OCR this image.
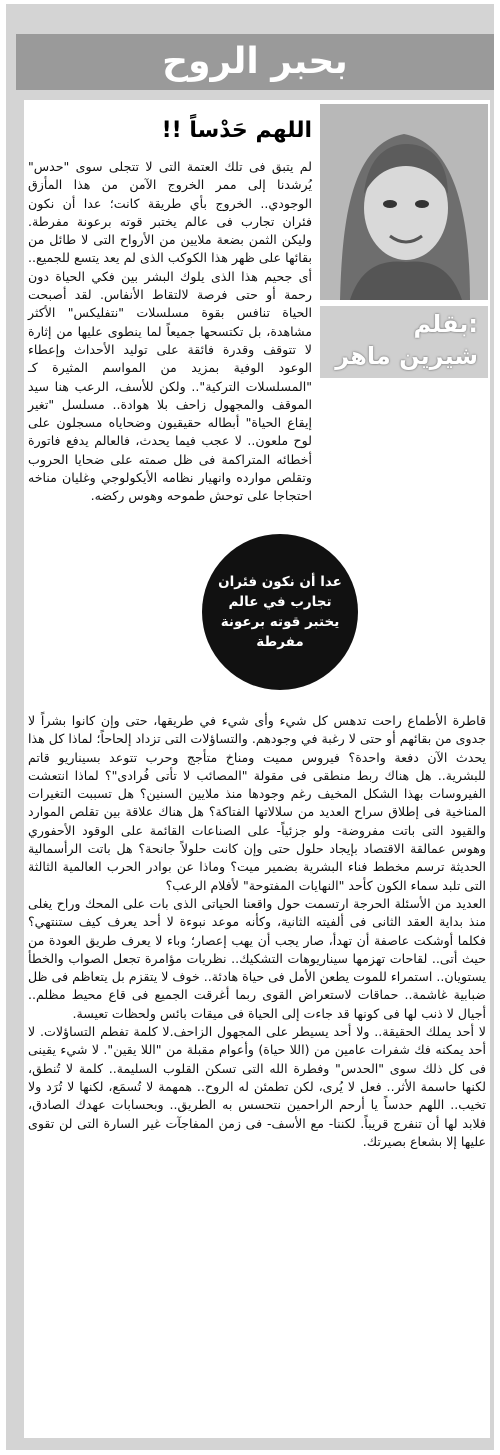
بحبر الروح
بقلم:
شيرين ماهر
اللهم حَدْساً !!

لم يتبق فى تلك العتمة التى لا تتجلى سوى "حدس" يُرشدنا إلى ممر الخروج الآمن من هذا المأزق الوجودي.. الخروج بأي طريقة كانت؛ عدا أن نكون فئران تجارب فى عالم يختبر قوته برعونة مفرطة. وليكن الثمن بضعة ملايين من الأرواح التى لا طائل من بقائها على ظهر هذا الكوكب الذى لم يعد يتسع للجميع.. أى جحيم هذا الذى يلوك البشر بين فكي الحياة دون رحمة أو حتى فرصة لالتقاط الأنفاس. لقد أصبحت الحياة تنافس بقوة مسلسلات "نتفليكس" الأكثر مشاهدة، بل تكتسحها جميعاً لما ينطوى عليها من إثارة لا تتوقف وقدرة فائقة على توليد الأحداث وإعطاء الوعود الوفية بمزيد من المواسم المثيرة كـ "المسلسلات التركية".. ولكن للأسف، الرعب هنا سيد الموقف والمجهول زاحف بلا هوادة.. مسلسل "تغير إيقاع الحياة" أبطاله حقيقيون وضحاياه مسجلون على لوح ملعون.. لا عجب فيما يحدث، فالعالم يدفع فاتورة أخطائه المتراكمة فى ظل صمته على ضحايا الحروب وتقلص موارده وانهيار نظامه الأيكولوجي وغليان مناخه احتجاجا على توحش طموحه وهوس ركضه.

قاطرة الأطماع راحت تدهس كل شيء وأى شيء في طريقها، حتى وإن كانوا بشراً لا جدوى من بقائهم أو حتى لا رغبة في وجودهم. والتساؤلات التى تزداد إلحاحاً؛ لماذا كل هذا يحدث الآن دفعة واحدة؟ فيروس مميت ومناخ متأجج وحرب تتوعد بسيناريو قاتم للبشرية.. هل هناك ربط منطقى فى مقولة "المصائب لا تأتى فُرادى"؟ لماذا انتعشت الفيروسات بهذا الشكل المخيف رغم وجودها منذ ملايين السنين؟ هل تسببت التغيرات المناخية فى إطلاق سراح العديد من سلالاتها الفتاكة؟ هل هناك علاقة بين تقلص الموارد والقيود التى باتت مفروضة- ولو جزئياً- على الصناعات القائمة على الوقود الأحفوري وهوس عمالقة الاقتصاد بإيجاد حلول حتى وإن كانت حلولاً جانحة؟ هل باتت الرأسمالية الحديثة ترسم مخطط فناء البشرية بضمير ميت؟ وماذا عن بوادر الحرب العالمية الثالثة التى تلبد سماء الكون كأحد "النهايات المفتوحة" لأفلام الرعب؟

العديد من الأسئلة الحرجة ارتسمت حول واقعنا الحياتى الذى بات على المحك وراح يغلى منذ بداية العقد الثانى فى ألفيته الثانية، وكأنه موعد نبوءة لا أحد يعرف كيف ستنتهي؟ فكلما أوشكت عاصفة أن تهدأ، صار يجب أن يهب إعصار؛ وباء لا يعرف طريق العودة من حيث أتى.. لقاحات تهزمها سيناريوهات التشكيك.. نظريات مؤامرة تجعل الصواب والخطأ يستويان.. استمراء للموت يطعن الأمل فى حياة هادئة.. خوف لا يتقزم بل يتعاظم فى ظل ضبابية غاشمة.. حماقات لاستعراض القوى ربما أغرقت الجميع فى قاع محيط مظلم.. أجيال لا ذنب لها فى كونها قد جاءت إلى الحياة فى ميقات بائس ولحظات تعيسة.

لا أحد يملك الحقيقة.. ولا أحد يسيطر على المجهول الزاحف.لا كلمة تفطم التساؤلات. لا أحد يمكنه فك شفرات عامين من (اللا حياة) وأعوام مقبلة من "اللا يقين". لا شيء يقينى فى كل ذلك سوى "الحدس" وفطرة الله التى تسكن القلوب السليمة.. كلمة لا تُنطق، لكنها حاسمة الأثر.. فعل لا يُرى، لكن تطمئن له الروح.. همهمة لا تُسمَع، لكنها لا تُرَد ولا تخيب.. اللهم حدساً يا أرحم الراحمين نتحسس به الطريق.. وبحسابات عهدك الصادق، فلابد لها أن تنفرج قريباً. لكننا- مع الأسف- فى زمن المفاجآت غير السارة التى لن تقوى عليها إلا بشعاع بصيرتك.

عدا أن نكون فئران تجارب في عالم يختبر قوته برعونة مفرطة
